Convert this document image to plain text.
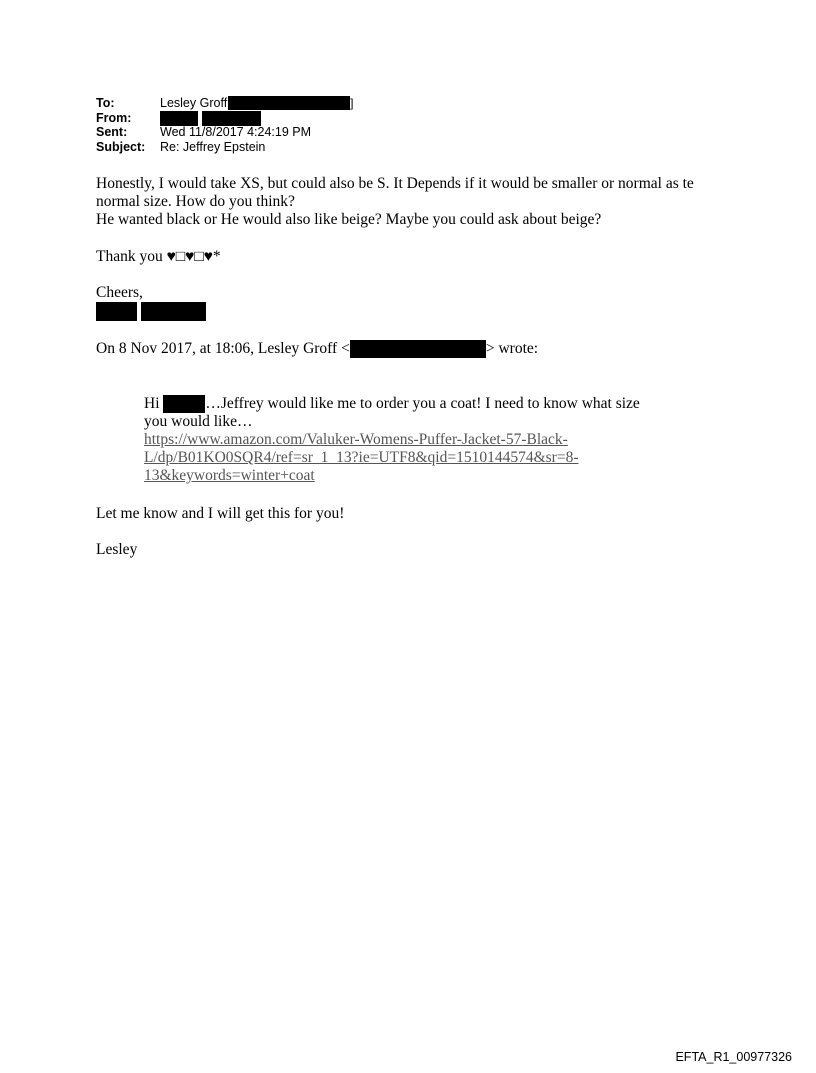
To:	Lesley Groff	]
From:
Sent:	Wed 11/8/2017 4:24:19 PM
Subject:	Re: Jeffrey Epstein

Honestly, I would take XS, but could also be S. It Depends if it would be smaller or normal as te

normal size. How do you think?

He wanted black or He would also like beige? Maybe you could ask about beige?

Thank you ♥□♥□♥*

Cheers,

On 8 Nov 2017, at 18:06, Lesley Groff <	> wrote:

Hi	…Jeffrey would like me to order you a coat! I need to know what size

you would like…

https://www.amazon.com/Valuker-Womens-Puffer-Jacket-57-Black-

L/dp/B01KO0SQR4/ref=sr_1_13?ie=UTF8&qid=1510144574&sr=8-

13&keywords=winter+coat

Let me know and I will get this for you!

Lesley

EFTA_R1_00977326
